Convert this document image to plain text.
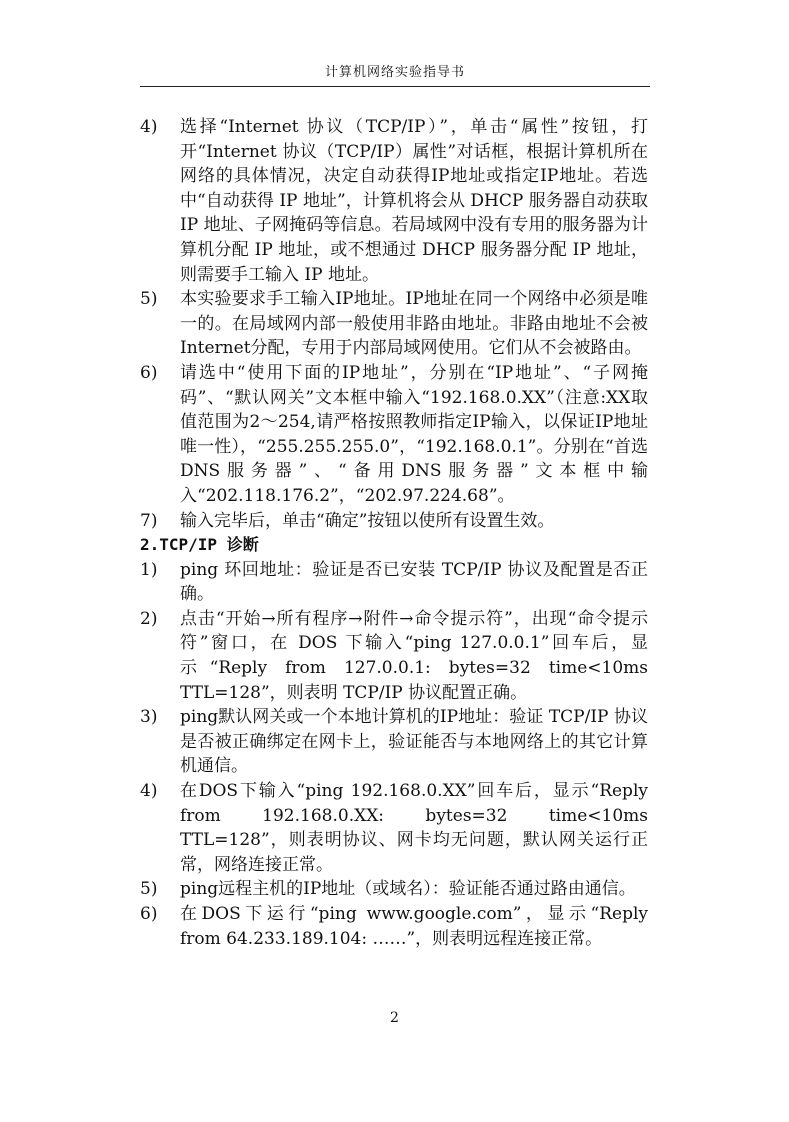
计算机网络实验指导书
4)	选择“Internet 协议（TCP/IP）”，单击“属性”按钮，打开“Internet 协议（TCP/IP）属性”对话框，根据计算机所在网络的具体情况，决定自动获得IP地址或指定IP地址。若选中“自动获得 IP 地址”，计算机将会从 DHCP 服务器自动获取 IP 地址、子网掩码等信息。若局域网中没有专用的服务器为计算机分配 IP 地址，或不想通过 DHCP 服务器分配 IP 地址，则需要手工输入 IP 地址。
5)	本实验要求手工输入IP地址。IP地址在同一个网络中必须是唯一的。在局域网内部一般使用非路由地址。非路由地址不会被Internet分配，专用于内部局域网使用。它们从不会被路由。
6)	请选中“使用下面的IP地址”，分别在“IP地址”、“子网掩码”、“默认网关”文本框中输入“192.168.0.XX”（注意:XX取值范围为2～254,请严格按照教师指定IP输入，以保证IP地址唯一性），“255.255.255.0”，“192.168.0.1”。分别在“首选DNS服务器”、“备用DNS服务器”文本框中输入“202.118.176.2”，“202.97.224.68”。
7)	输入完毕后，单击“确定”按钮以使所有设置生效。
2.TCP/IP 诊断
1)	ping 环回地址：验证是否已安装 TCP/IP 协议及配置是否正确。
2)	点击“开始→所有程序→附件→命令提示符”，出现“命令提示符”窗口，在 DOS 下输入“ping 127.0.0.1”回车后，显示“Reply from 127.0.0.1: bytes=32 time<10ms TTL=128”，则表明 TCP/IP 协议配置正确。
3)	ping默认网关或一个本地计算机的IP地址：验证 TCP/IP 协议是否被正确绑定在网卡上，验证能否与本地网络上的其它计算机通信。
4)	在DOS下输入“ping 192.168.0.XX”回车后，显示“Reply from 192.168.0.XX: bytes=32 time<10ms TTL=128”，则表明协议、网卡均无问题，默认网关运行正常，网络连接正常。
5)	ping远程主机的IP地址（或域名）：验证能否通过路由通信。
6)	在DOS下运行“ping www.google.com”，显示“Reply from 64.233.189.104: ……”，则表明远程连接正常。
2
